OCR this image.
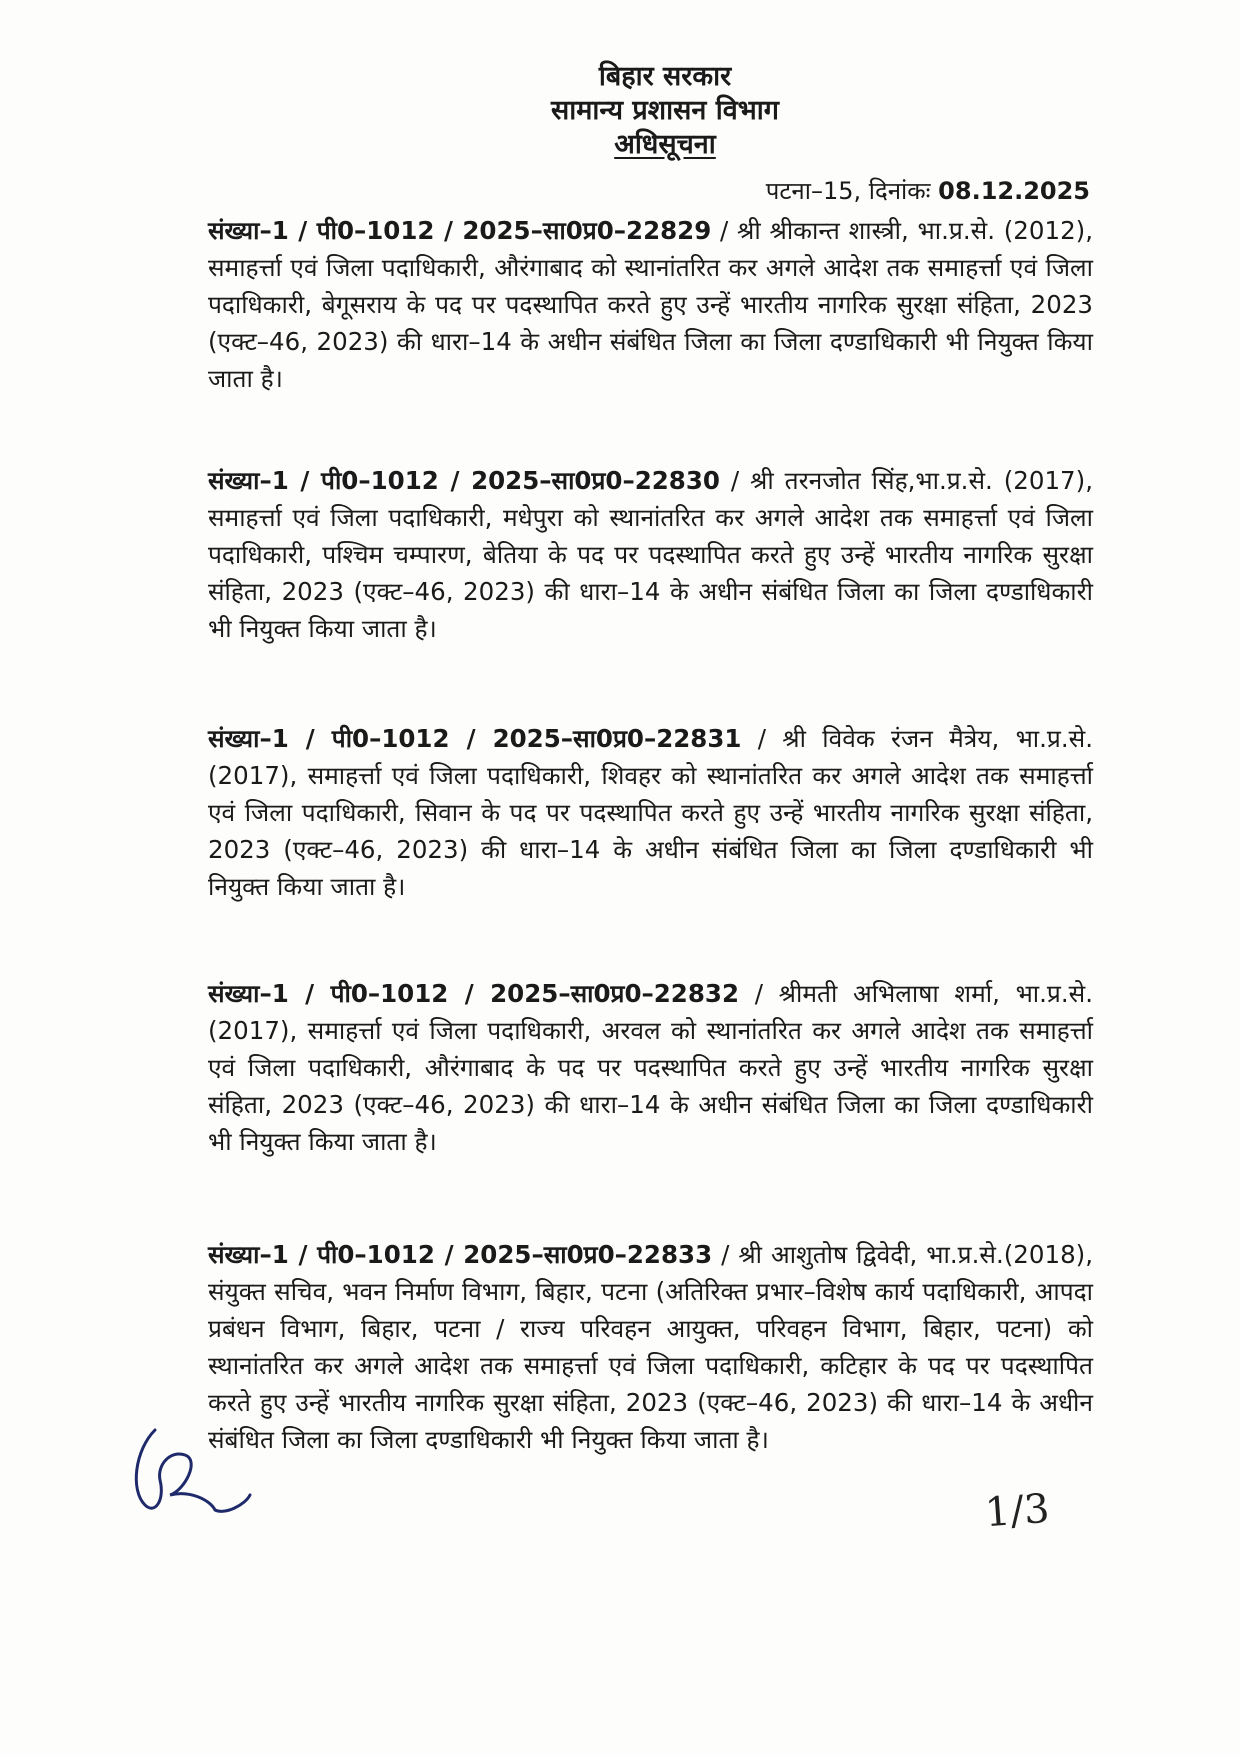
बिहार सरकार
सामान्य प्रशासन विभाग
अधिसूचना
पटना–15, दिनांकः 08.12.2025
संख्या–1 / पी0–1012 / 2025–सा0प्र0–22829 / श्री श्रीकान्त शास्त्री, भा.प्र.से. (2012), समाहर्त्ता एवं जिला पदाधिकारी, औरंगाबाद को स्थानांतरित कर अगले आदेश तक समाहर्त्ता एवं जिला पदाधिकारी, बेगूसराय के पद पर पदस्थापित करते हुए उन्हें भारतीय नागरिक सुरक्षा संहिता, 2023 (एक्ट–46, 2023) की धारा–14 के अधीन संबंधित जिला का जिला दण्डाधिकारी भी नियुक्त किया जाता है।
संख्या–1 / पी0–1012 / 2025–सा0प्र0–22830 / श्री तरनजोत सिंह,भा.प्र.से. (2017), समाहर्त्ता एवं जिला पदाधिकारी, मधेपुरा को स्थानांतरित कर अगले आदेश तक समाहर्त्ता एवं जिला पदाधिकारी, पश्चिम चम्पारण, बेतिया के पद पर पदस्थापित करते हुए उन्हें भारतीय नागरिक सुरक्षा संहिता, 2023 (एक्ट–46, 2023) की धारा–14 के अधीन संबंधित जिला का जिला दण्डाधिकारी भी नियुक्त किया जाता है।
संख्या–1 / पी0–1012 / 2025–सा0प्र0–22831 / श्री विवेक रंजन मैत्रेय, भा.प्र.से. (2017), समाहर्त्ता एवं जिला पदाधिकारी, शिवहर को स्थानांतरित कर अगले आदेश तक समाहर्त्ता एवं जिला पदाधिकारी, सिवान के पद पर पदस्थापित करते हुए उन्हें भारतीय नागरिक सुरक्षा संहिता, 2023 (एक्ट–46, 2023) की धारा–14 के अधीन संबंधित जिला का जिला दण्डाधिकारी भी नियुक्त किया जाता है।
संख्या–1 / पी0–1012 / 2025–सा0प्र0–22832 / श्रीमती अभिलाषा शर्मा, भा.प्र.से. (2017), समाहर्त्ता एवं जिला पदाधिकारी, अरवल को स्थानांतरित कर अगले आदेश तक समाहर्त्ता एवं जिला पदाधिकारी, औरंगाबाद के पद पर पदस्थापित करते हुए उन्हें भारतीय नागरिक सुरक्षा संहिता, 2023 (एक्ट–46, 2023) की धारा–14 के अधीन संबंधित जिला का जिला दण्डाधिकारी भी नियुक्त किया जाता है।
संख्या–1 / पी0–1012 / 2025–सा0प्र0–22833 / श्री आशुतोष द्विवेदी, भा.प्र.से.(2018), संयुक्त सचिव, भवन निर्माण विभाग, बिहार, पटना (अतिरिक्त प्रभार–विशेष कार्य पदाधिकारी, आपदा प्रबंधन विभाग, बिहार, पटना / राज्य परिवहन आयुक्त, परिवहन विभाग, बिहार, पटना) को स्थानांतरित कर अगले आदेश तक समाहर्त्ता एवं जिला पदाधिकारी, कटिहार के पद पर पदस्थापित करते हुए उन्हें भारतीय नागरिक सुरक्षा संहिता, 2023 (एक्ट–46, 2023) की धारा–14 के अधीन संबंधित जिला का जिला दण्डाधिकारी भी नियुक्त किया जाता है।
1/3
